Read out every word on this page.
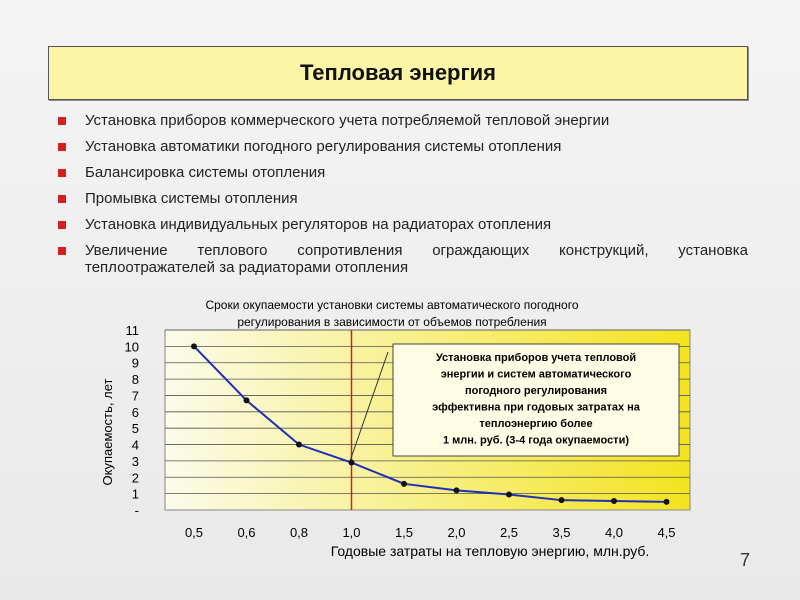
Тепловая энергия
Установка приборов коммерческого учета потребляемой тепловой энергии
Установка автоматики погодного регулирования системы отопления
Балансировка системы отопления
Промывка системы отопления
Установка индивидуальных регуляторов на радиаторах отопления
Увеличение теплового сопротивления ограждающих конструкций, установка теплоотражателей за радиаторами отопления
Сроки окупаемости установки системы автоматического погодного
регулирования в зависимости от объемов потребления
-
1
2
3
4
5
6
7
8
9
10
11
0,5	0,6	0,8	1,0	1,5	2,0	2,5	3,5	4,0	4,5
Окупаемость, лет
Годовые затраты на тепловую энергию, млн.руб.
Установка приборов учета тепловой
энергии и систем автоматического
погодного регулирования
эффективна при годовых затратах на
теплоэнергию более
1 млн. руб. (3-4 года окупаемости)
7
